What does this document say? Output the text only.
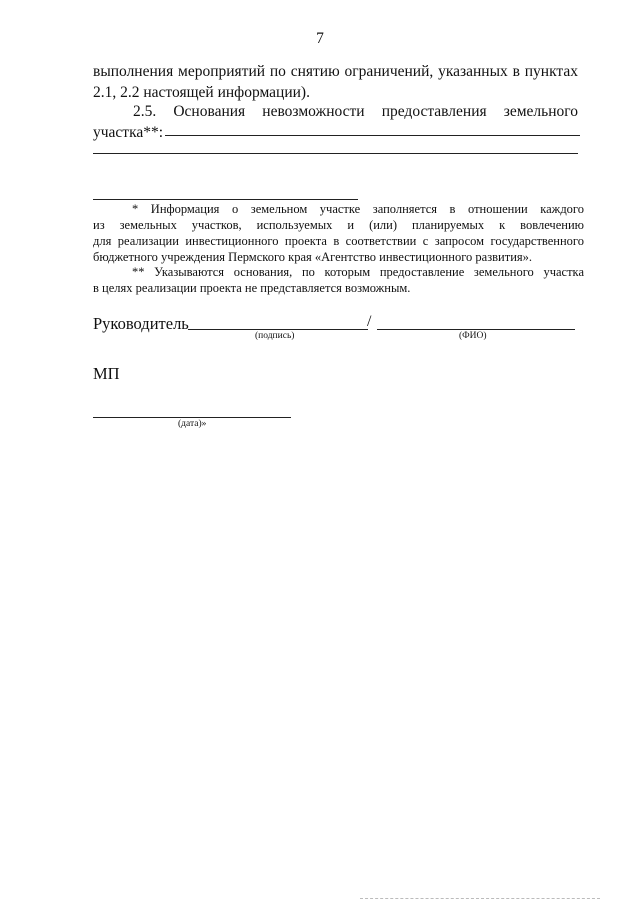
7
выполнения мероприятий по снятию ограничений, указанных в пунктах
2.1, 2.2 настоящей информации).
2.5. Основания невозможности предоставления земельного
участка**:
* Информация о земельном участке заполняется в отношении каждого
из земельных участков, используемых и (или) планируемых к вовлечению
для реализации инвестиционного проекта в соответствии с запросом государственного
бюджетного учреждения Пермского края «Агентство инвестиционного развития».
** Указываются основания, по которым предоставление земельного участка
в целях реализации проекта не представляется возможным.
Руководитель	/
(подпись)	(ФИО)
МП
(дата)»
